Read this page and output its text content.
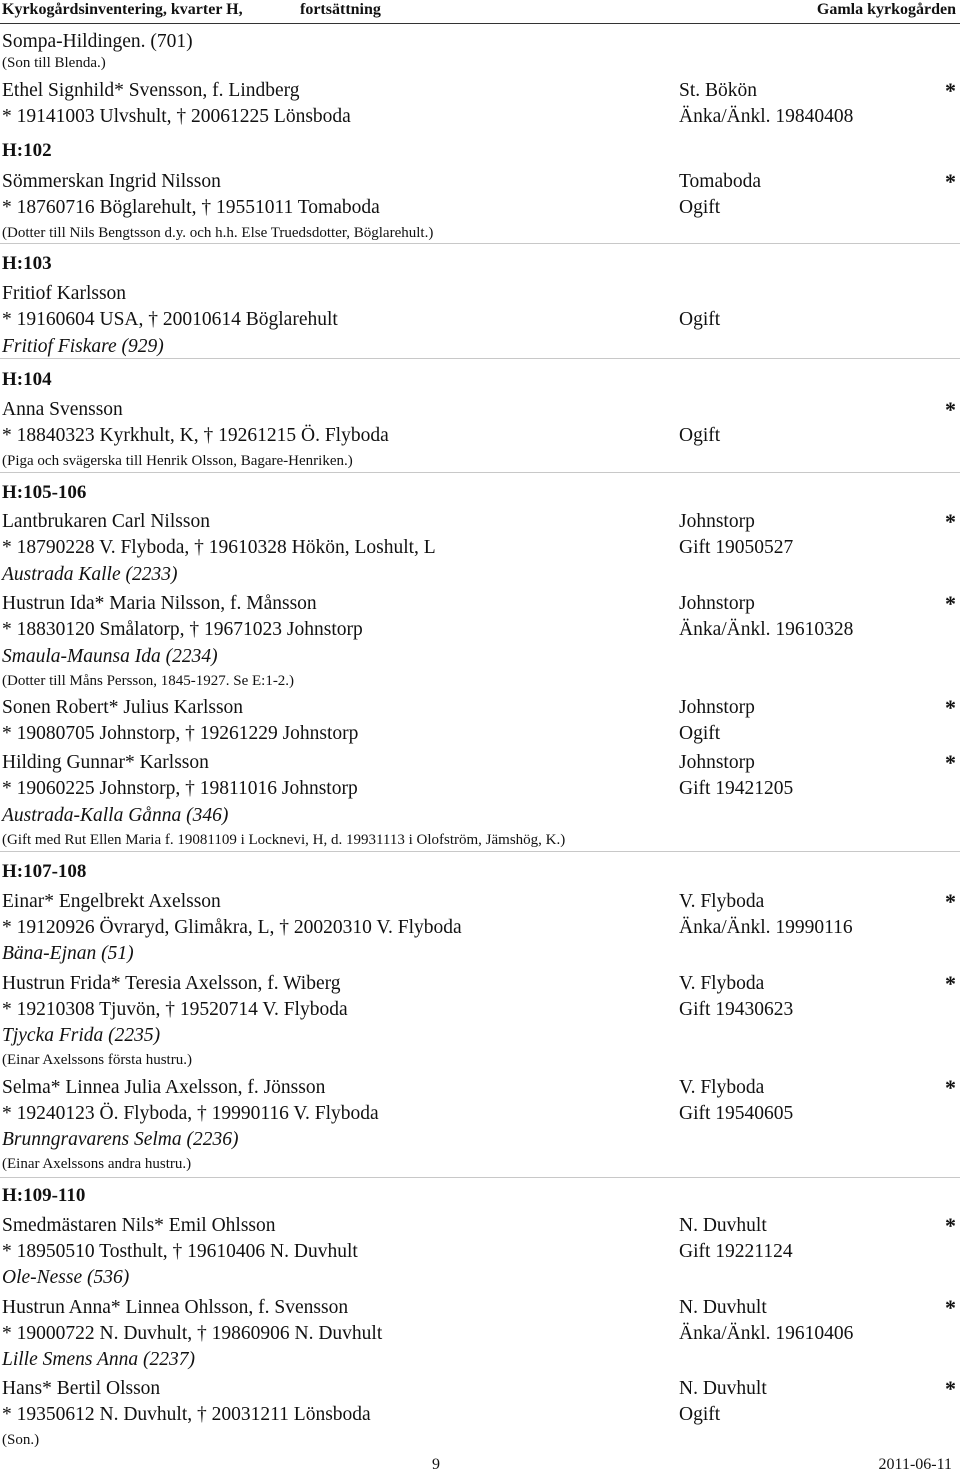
Kyrkogårdsinventering, kvarter H,	fortsättning	Gamla kyrkogården
Sompa-Hildingen. (701)
(Son till Blenda.)
Ethel Signhild* Svensson, f. Lindberg	St. Bökön	*
* 19141003 Ulvshult, † 20061225 Lönsboda	Änka/Änkl. 19840408
H:102
Sömmerskan Ingrid Nilsson	Tomaboda	*
* 18760716 Böglarehult, † 19551011 Tomaboda	Ogift
(Dotter till Nils Bengtsson d.y. och h.h. Else Truedsdotter, Böglarehult.)
H:103
Fritiof Karlsson
* 19160604 USA, † 20010614 Böglarehult	Ogift
Fritiof Fiskare (929)
H:104
Anna Svensson	*
* 18840323 Kyrkhult, K, † 19261215 Ö. Flyboda	Ogift
(Piga och svägerska till Henrik Olsson, Bagare-Henriken.)
H:105-106
Lantbrukaren Carl Nilsson	Johnstorp	*
* 18790228 V. Flyboda, † 19610328 Hökön, Loshult, L	Gift 19050527
Austrada Kalle (2233)
Hustrun Ida* Maria Nilsson, f. Månsson	Johnstorp	*
* 18830120 Smålatorp, † 19671023 Johnstorp	Änka/Änkl. 19610328
Smaula-Maunsa Ida (2234)
(Dotter till Måns Persson, 1845-1927. Se E:1-2.)
Sonen Robert* Julius Karlsson	Johnstorp	*
* 19080705 Johnstorp, † 19261229 Johnstorp	Ogift
Hilding Gunnar* Karlsson	Johnstorp	*
* 19060225 Johnstorp, † 19811016 Johnstorp	Gift 19421205
Austrada-Kalla Gånna (346)
(Gift med Rut Ellen Maria f. 19081109 i Locknevi, H, d. 19931113 i Olofström, Jämshög, K.)
H:107-108
Einar* Engelbrekt Axelsson	V. Flyboda	*
* 19120926 Övraryd, Glimåkra, L, † 20020310 V. Flyboda	Änka/Änkl. 19990116
Bäna-Ejnan (51)
Hustrun Frida* Teresia Axelsson, f. Wiberg	V. Flyboda	*
* 19210308 Tjuvön, † 19520714 V. Flyboda	Gift 19430623
Tjycka Frida (2235)
(Einar Axelssons första hustru.)
Selma* Linnea Julia Axelsson, f. Jönsson	V. Flyboda	*
* 19240123 Ö. Flyboda, † 19990116 V. Flyboda	Gift 19540605
Brunngravarens Selma (2236)
(Einar Axelssons andra hustru.)
H:109-110
Smedmästaren Nils* Emil Ohlsson	N. Duvhult	*
* 18950510 Tosthult, † 19610406 N. Duvhult	Gift 19221124
Ole-Nesse (536)
Hustrun Anna* Linnea Ohlsson, f. Svensson	N. Duvhult	*
* 19000722 N. Duvhult, † 19860906 N. Duvhult	Änka/Änkl. 19610406
Lille Smens Anna (2237)
Hans* Bertil Olsson	N. Duvhult	*
* 19350612 N. Duvhult, † 20031211 Lönsboda	Ogift
(Son.)
9	2011-06-11
